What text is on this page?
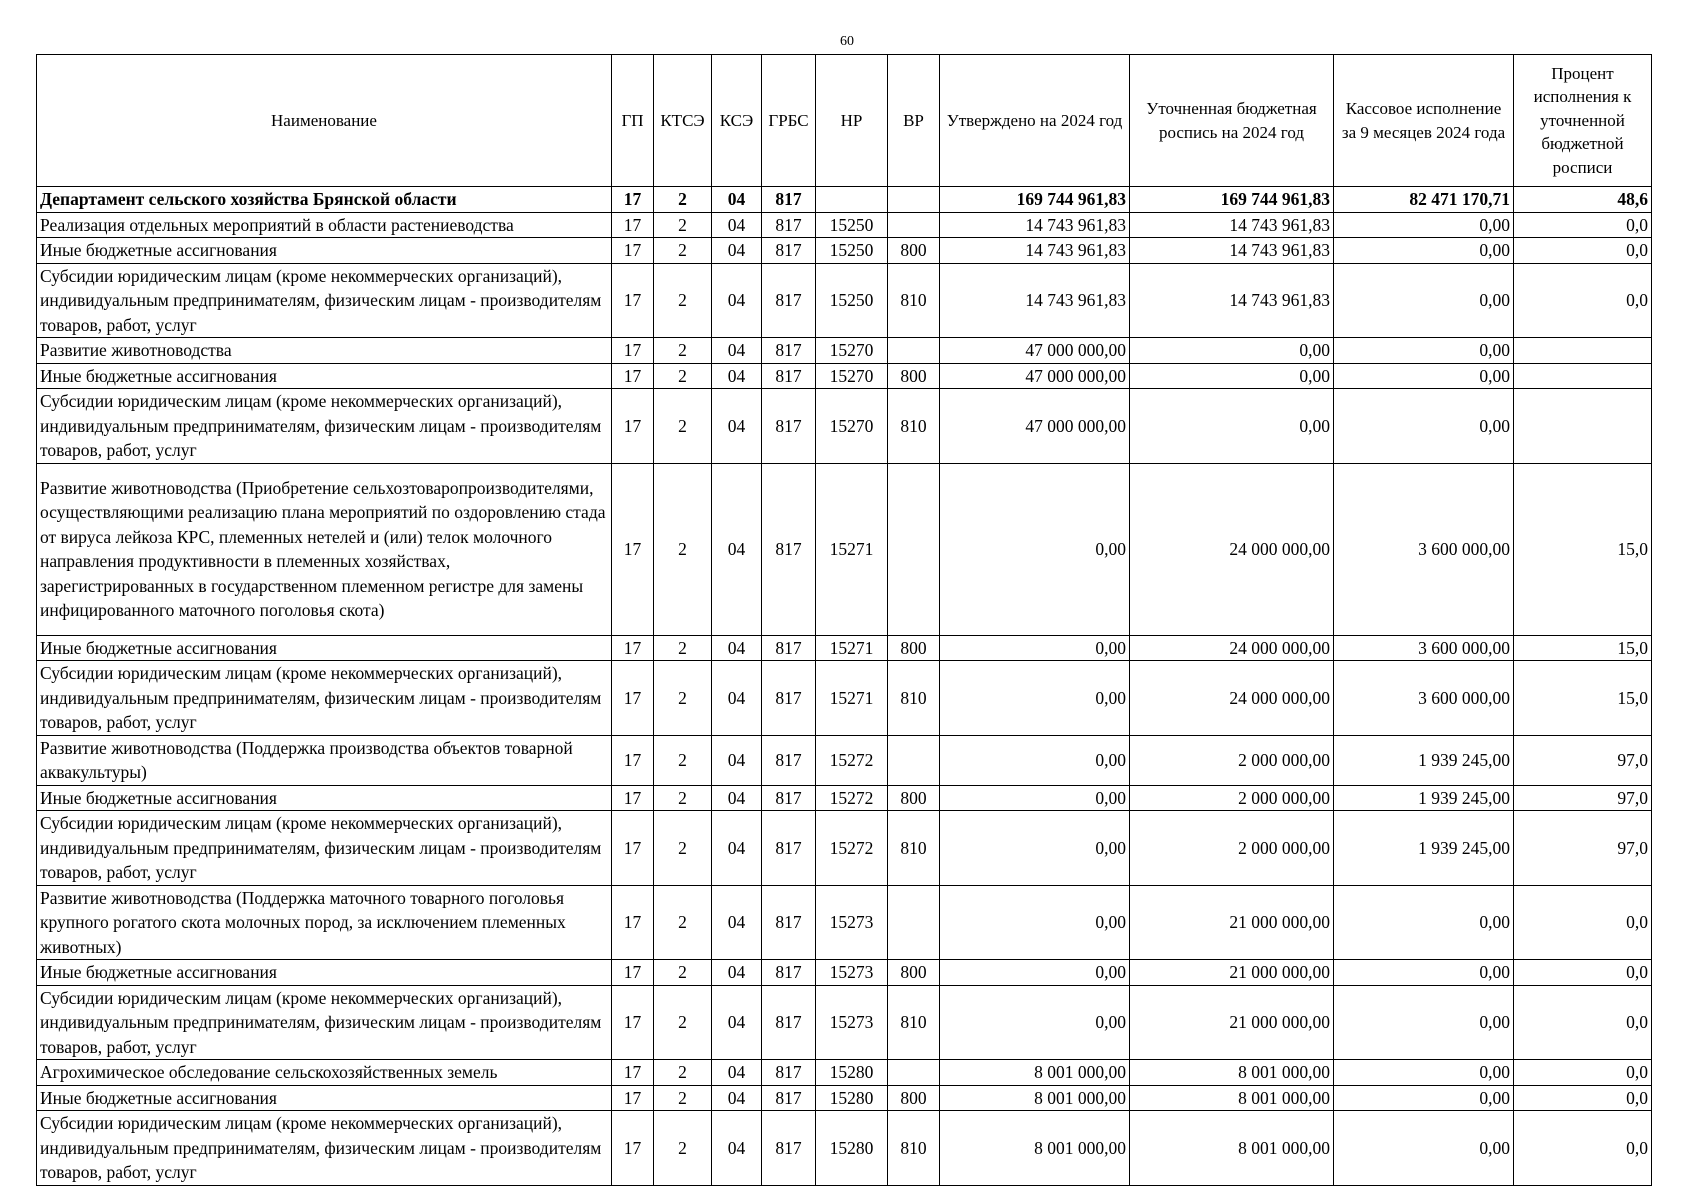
60
Наименование	ГП	КТСЭ	КСЭ	ГРБС	НР	ВР	Утверждено на 2024 год	Уточненная бюджетная роспись на 2024 год	Кассовое исполнение за 9 месяцев 2024 года	Процент исполнения к уточненной бюджетной росписи
Департамент сельского хозяйства Брянской области	17	2	04	817			169 744 961,83	169 744 961,83	82 471 170,71	48,6
Реализация отдельных мероприятий в области растениеводства	17	2	04	817	15250		14 743 961,83	14 743 961,83	0,00	0,0
Иные бюджетные ассигнования	17	2	04	817	15250	800	14 743 961,83	14 743 961,83	0,00	0,0
Субсидии юридическим лицам (кроме некоммерческих организаций), индивидуальным предпринимателям, физическим лицам - производителям товаров, работ, услуг	17	2	04	817	15250	810	14 743 961,83	14 743 961,83	0,00	0,0
Развитие животноводства	17	2	04	817	15270		47 000 000,00	0,00	0,00	
Иные бюджетные ассигнования	17	2	04	817	15270	800	47 000 000,00	0,00	0,00	
Субсидии юридическим лицам (кроме некоммерческих организаций), индивидуальным предпринимателям, физическим лицам - производителям товаров, работ, услуг	17	2	04	817	15270	810	47 000 000,00	0,00	0,00	
Развитие животноводства (Приобретение сельхозтоваропроизводителями, осуществляющими реализацию плана мероприятий по оздоровлению стада от вируса лейкоза КРС, племенных нетелей и (или) телок молочного направления продуктивности в племенных хозяйствах, зарегистрированных в государственном племенном регистре для замены инфицированного маточного поголовья скота)	17	2	04	817	15271		0,00	24 000 000,00	3 600 000,00	15,0
Иные бюджетные ассигнования	17	2	04	817	15271	800	0,00	24 000 000,00	3 600 000,00	15,0
Субсидии юридическим лицам (кроме некоммерческих организаций), индивидуальным предпринимателям, физическим лицам - производителям товаров, работ, услуг	17	2	04	817	15271	810	0,00	24 000 000,00	3 600 000,00	15,0
Развитие животноводства (Поддержка производства объектов товарной аквакультуры)	17	2	04	817	15272		0,00	2 000 000,00	1 939 245,00	97,0
Иные бюджетные ассигнования	17	2	04	817	15272	800	0,00	2 000 000,00	1 939 245,00	97,0
Субсидии юридическим лицам (кроме некоммерческих организаций), индивидуальным предпринимателям, физическим лицам - производителям товаров, работ, услуг	17	2	04	817	15272	810	0,00	2 000 000,00	1 939 245,00	97,0
Развитие животноводства (Поддержка маточного товарного поголовья крупного рогатого скота молочных пород, за исключением племенных животных)	17	2	04	817	15273		0,00	21 000 000,00	0,00	0,0
Иные бюджетные ассигнования	17	2	04	817	15273	800	0,00	21 000 000,00	0,00	0,0
Субсидии юридическим лицам (кроме некоммерческих организаций), индивидуальным предпринимателям, физическим лицам - производителям товаров, работ, услуг	17	2	04	817	15273	810	0,00	21 000 000,00	0,00	0,0
Агрохимическое обследование сельскохозяйственных земель	17	2	04	817	15280		8 001 000,00	8 001 000,00	0,00	0,0
Иные бюджетные ассигнования	17	2	04	817	15280	800	8 001 000,00	8 001 000,00	0,00	0,0
Субсидии юридическим лицам (кроме некоммерческих организаций), индивидуальным предпринимателям, физическим лицам - производителям товаров, работ, услуг	17	2	04	817	15280	810	8 001 000,00	8 001 000,00	0,00	0,0
